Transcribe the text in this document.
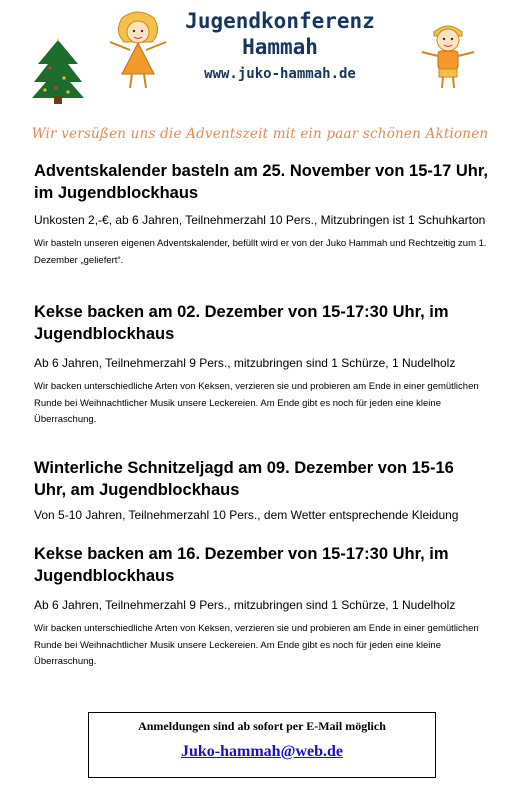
Jugendkonferenz
Hammah
www.juko-hammah.de
Wir versüßen uns die Adventszeit mit ein paar schönen Aktionen
Adventskalender basteln am 25. November von 15-17 Uhr, im Jugendblockhaus
Unkosten 2,-€, ab 6 Jahren, Teilnehmerzahl 10 Pers., Mitzubringen ist 1 Schuhkarton
Wir basteln unseren eigenen Adventskalender, befüllt wird er von der Juko Hammah und Rechtzeitig zum 1. Dezember „geliefert“.
Kekse backen am 02. Dezember von 15-17:30 Uhr, im Jugendblockhaus
Ab 6 Jahren, Teilnehmerzahl 9 Pers., mitzubringen sind 1 Schürze, 1 Nudelholz
Wir backen unterschiedliche Arten von Keksen, verzieren sie und probieren am Ende in einer gemütlichen Runde bei Weihnachtlicher Musik unsere Leckereien. Am Ende gibt es noch für jeden eine kleine Überraschung.
Winterliche Schnitzeljagd am 09. Dezember von 15-16 Uhr, am Jugendblockhaus
Von 5-10 Jahren, Teilnehmerzahl 10 Pers., dem Wetter entsprechende Kleidung
Kekse backen am 16. Dezember von 15-17:30 Uhr, im Jugendblockhaus
Ab 6 Jahren, Teilnehmerzahl 9 Pers., mitzubringen sind 1 Schürze, 1 Nudelholz
Wir backen unterschiedliche Arten von Keksen, verzieren sie und probieren am Ende in einer gemütlichen Runde bei Weihnachtlicher Musik unsere Leckereien. Am Ende gibt es noch für jeden eine kleine Überraschung.
Anmeldungen sind ab sofort per E-Mail möglich
Juko-hammah@web.de
